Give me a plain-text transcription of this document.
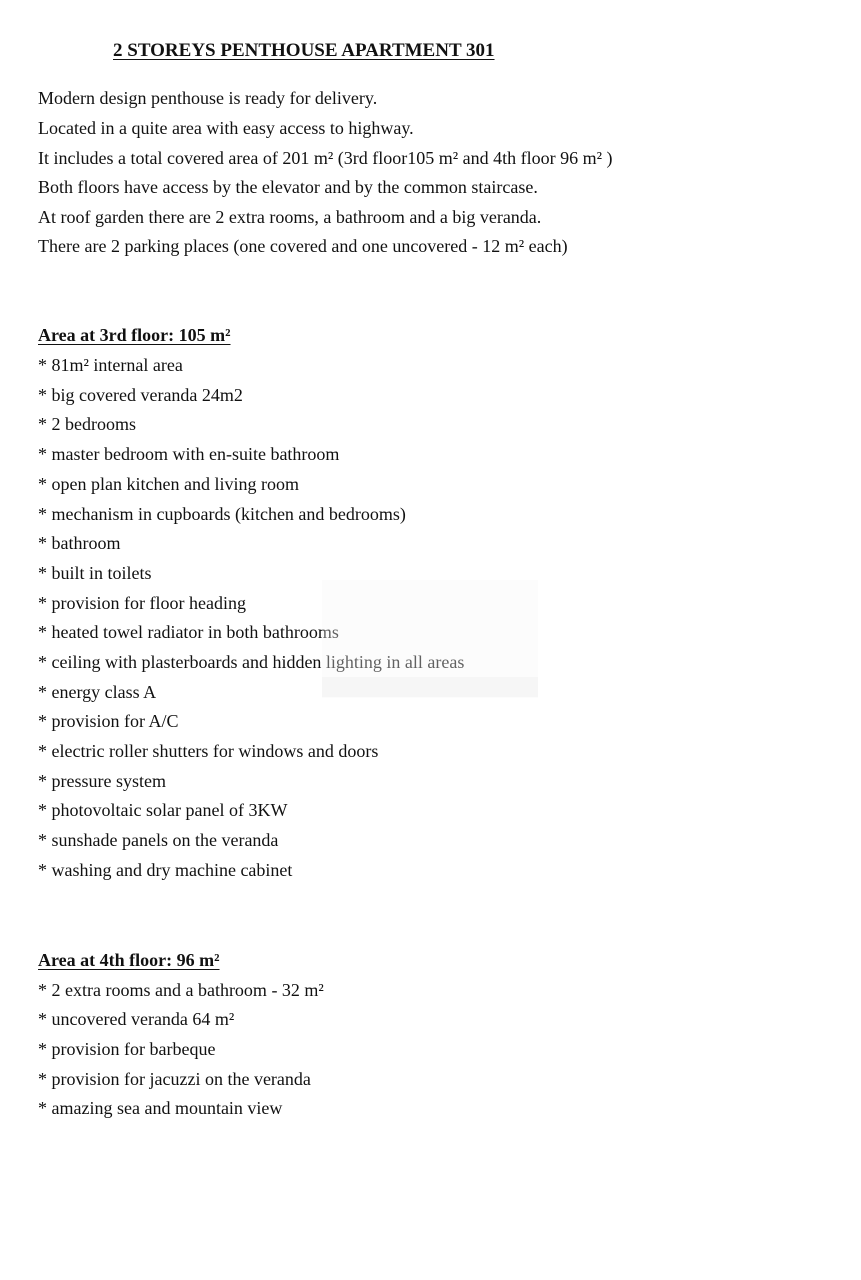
2 STOREYS PENTHOUSE APARTMENT 301
Modern design penthouse is ready for delivery.
Located in a quite area with easy access to highway.
It includes a total covered area of 201 m² (3rd floor105 m² and 4th floor 96 m² )
Both floors have access by the elevator and by the common staircase.
At roof garden there are 2 extra rooms, a bathroom and a big veranda.
There are 2 parking places (one covered and one uncovered - 12 m² each)
Area at 3rd floor: 105 m²
* 81m² internal area
* big covered veranda 24m2
* 2 bedrooms
* master bedroom with en-suite bathroom
* open plan kitchen and living room
* mechanism in cupboards (kitchen and bedrooms)
* bathroom
* built in toilets
* provision for floor heading
* heated towel radiator in both bathrooms
* ceiling with plasterboards and hidden lighting in all areas
* energy class A
* provision for A/C
* electric roller shutters for windows and doors
* pressure system
* photovoltaic solar panel of 3KW
* sunshade panels on the veranda
* washing and dry machine cabinet
Area at 4th floor: 96 m²
* 2 extra rooms and a bathroom - 32 m²
* uncovered veranda 64 m²
* provision for barbeque
* provision for jacuzzi on the veranda
* amazing sea and mountain view
